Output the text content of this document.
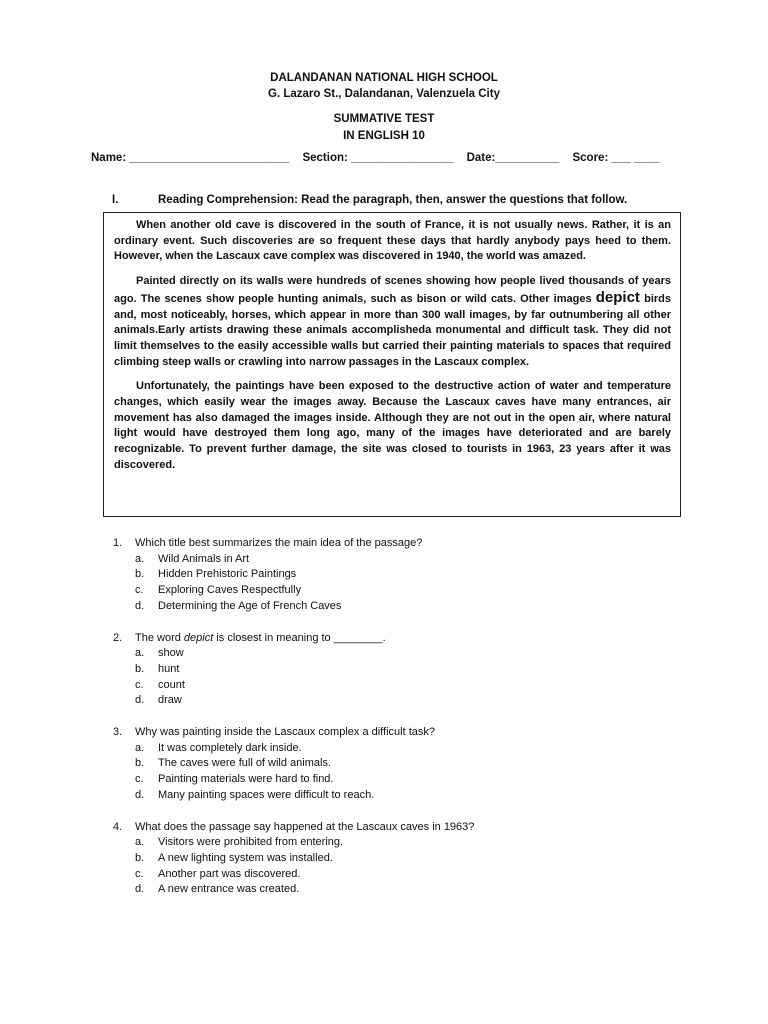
DALANDANAN NATIONAL HIGH SCHOOL
G. Lazaro St., Dalandanan, Valenzuela City
SUMMATIVE TEST
IN ENGLISH 10
Name: _________________________ Section: ________________ Date:__________ Score: ___ ____
I.	Reading Comprehension: Read the paragraph, then, answer the questions that follow.

When another old cave is discovered in the south of France, it is not usually news. Rather, it is an ordinary event. Such discoveries are so frequent these days that hardly anybody pays heed to them. However, when the Lascaux cave complex was discovered in 1940, the world was amazed.

Painted directly on its walls were hundreds of scenes showing how people lived thousands of years ago. The scenes show people hunting animals, such as bison or wild cats. Other images depict birds and, most noticeably, horses, which appear in more than 300 wall images, by far outnumbering all other animals.Early artists drawing these animals accomplisheda monumental and difficult task. They did not limit themselves to the easily accessible walls but carried their painting materials to spaces that required climbing steep walls or crawling into narrow passages in the Lascaux complex.

Unfortunately, the paintings have been exposed to the destructive action of water and temperature changes, which easily wear the images away. Because the Lascaux caves have many entrances, air movement has also damaged the images inside. Although they are not out in the open air, where natural light would have destroyed them long ago, many of the images have deteriorated and are barely recognizable. To prevent further damage, the site was closed to tourists in 1963, 23 years after it was discovered.

1. Which title best summarizes the main idea of the passage?
a. Wild Animals in Art
b. Hidden Prehistoric Paintings
c. Exploring Caves Respectfully
d. Determining the Age of French Caves
2. The word depict is closest in meaning to ________.
a. show
b. hunt
c. count
d. draw
3. Why was painting inside the Lascaux complex a difficult task?
a. It was completely dark inside.
b. The caves were full of wild animals.
c. Painting materials were hard to find.
d. Many painting spaces were difficult to reach.
4. What does the passage say happened at the Lascaux caves in 1963?
a. Visitors were prohibited from entering.
b. A new lighting system was installed.
c. Another part was discovered.
d. A new entrance was created.
